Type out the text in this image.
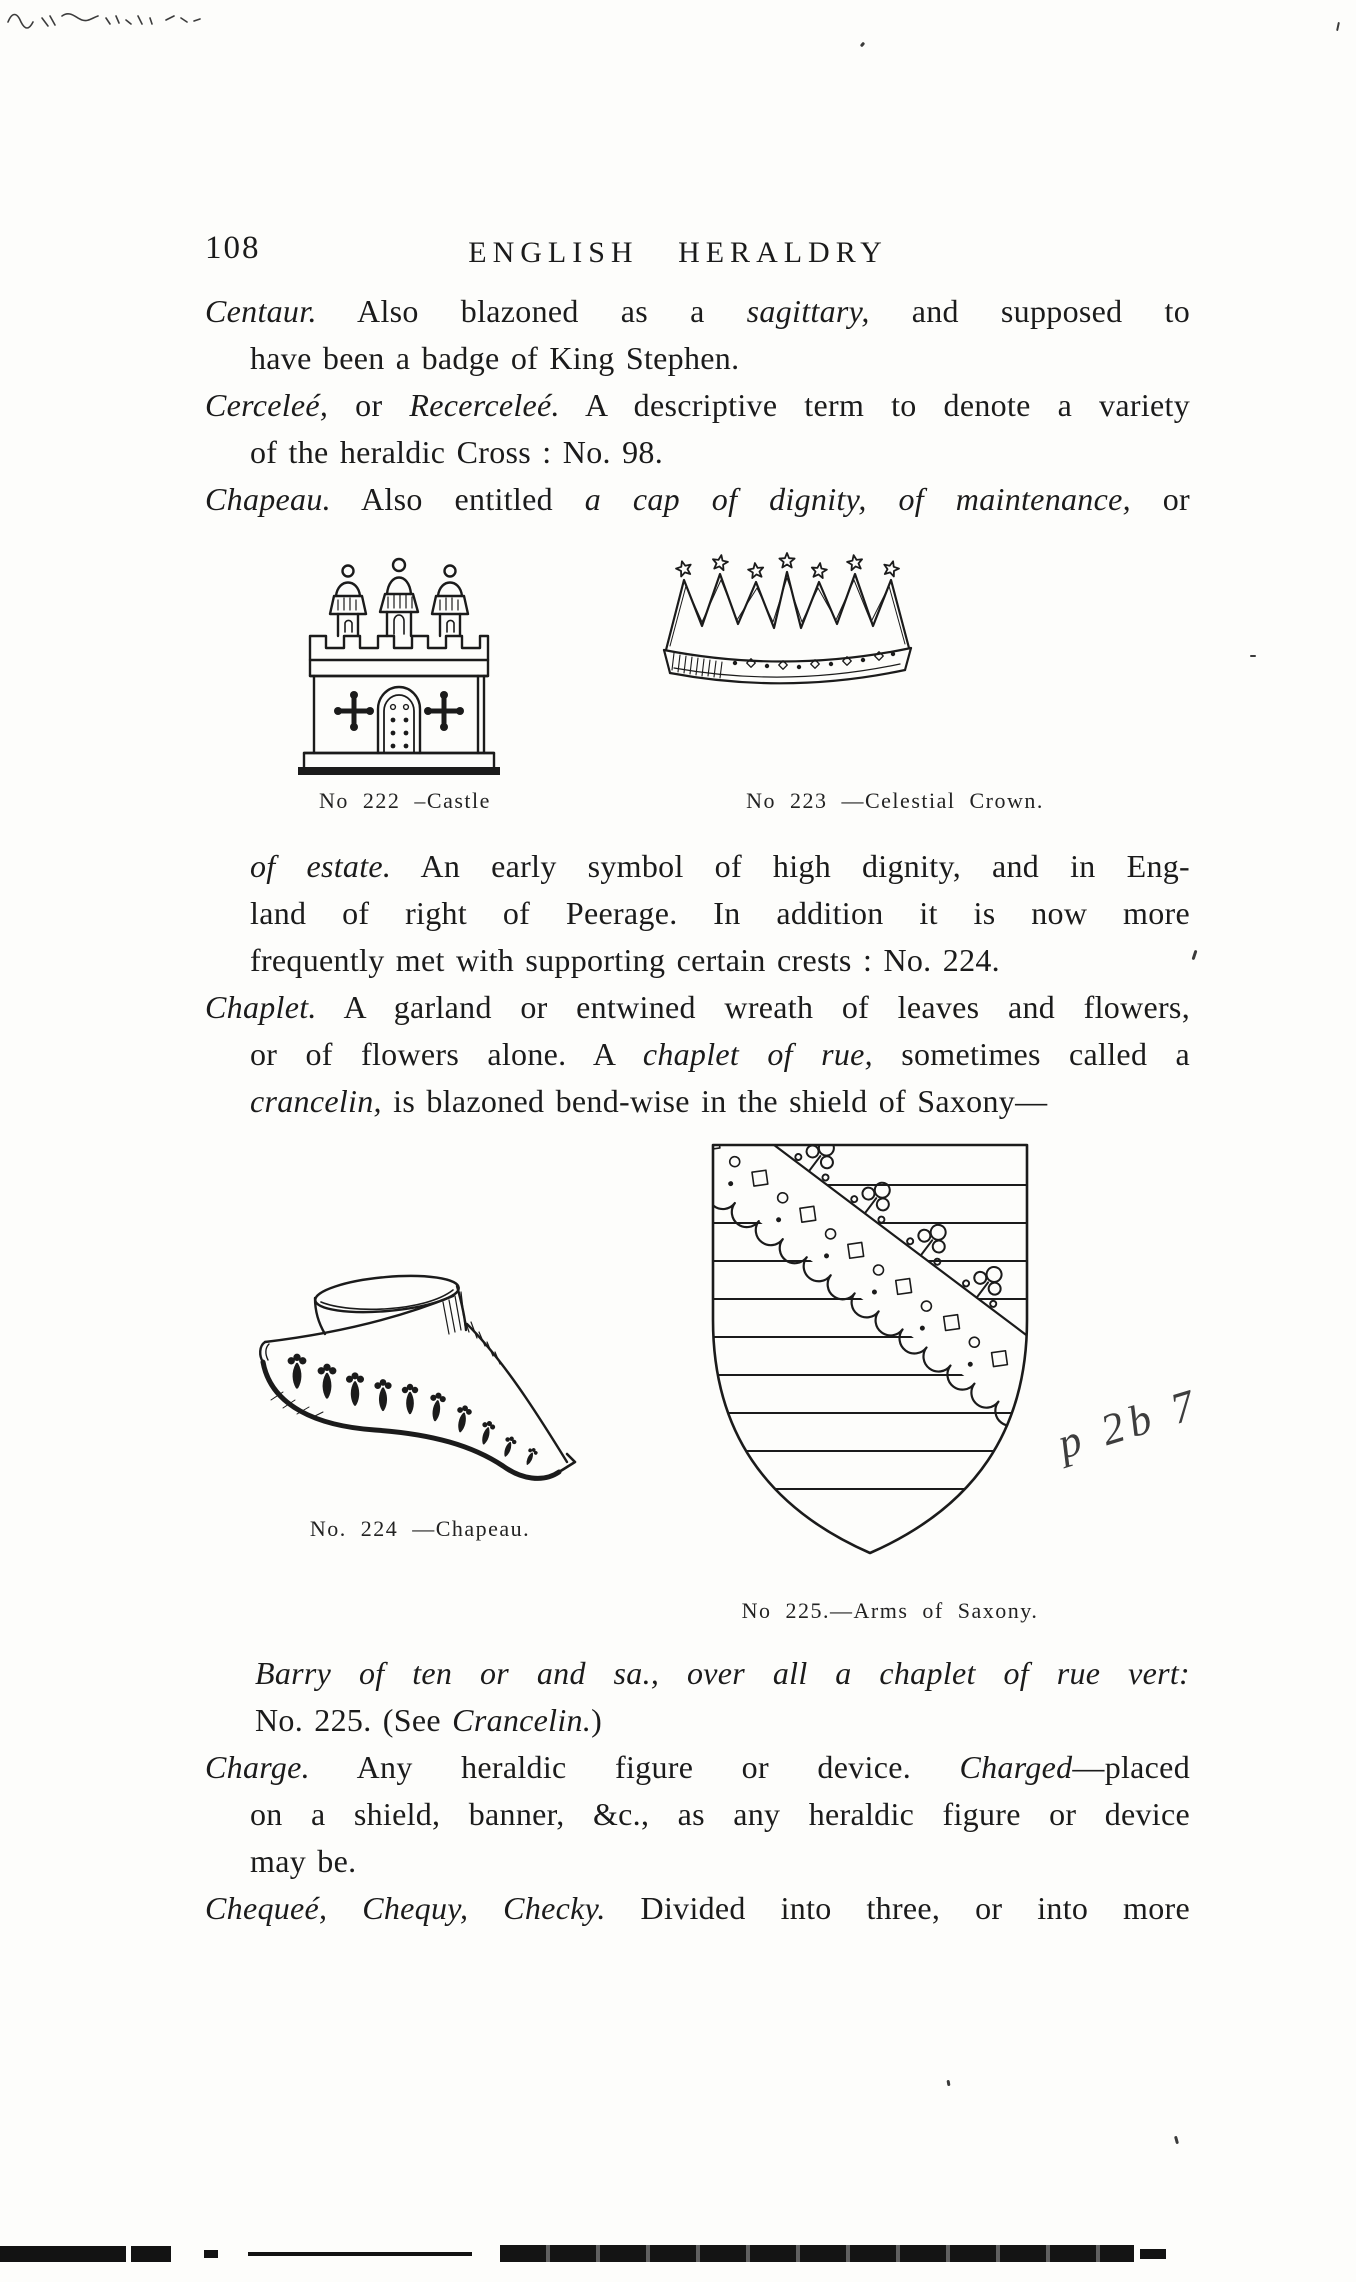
108	ENGLISH HERALDRY
Centaur. Also blazoned as a sagittary, and supposed to
have been a badge of King Stephen.
Cerceleé, or Recerceleé. A descriptive term to denote a variety
of the heraldic Cross : No. 98.
Chapeau. Also entitled a cap of dignity, of maintenance, or
No 222 –Castle	No 223 —Celestial Crown.
of estate. An early symbol of high dignity, and in Eng-
land of right of Peerage. In addition it is now more
frequently met with supporting certain crests : No. 224.
Chaplet. A garland or entwined wreath of leaves and flowers,
or of flowers alone. A chaplet of rue, sometimes called a
crancelin, is blazoned bend-wise in the shield of Saxony—
No. 224 —Chapeau.
No 225.—Arms of Saxony.
p 2b 7
Barry of ten or and sa., over all a chaplet of rue vert:
No. 225. (See Crancelin.)
Charge. Any heraldic figure or device. Charged—placed
on a shield, banner, &c., as any heraldic figure or device
may be.
Chequeé, Chequy, Checky. Divided into three, or into more
